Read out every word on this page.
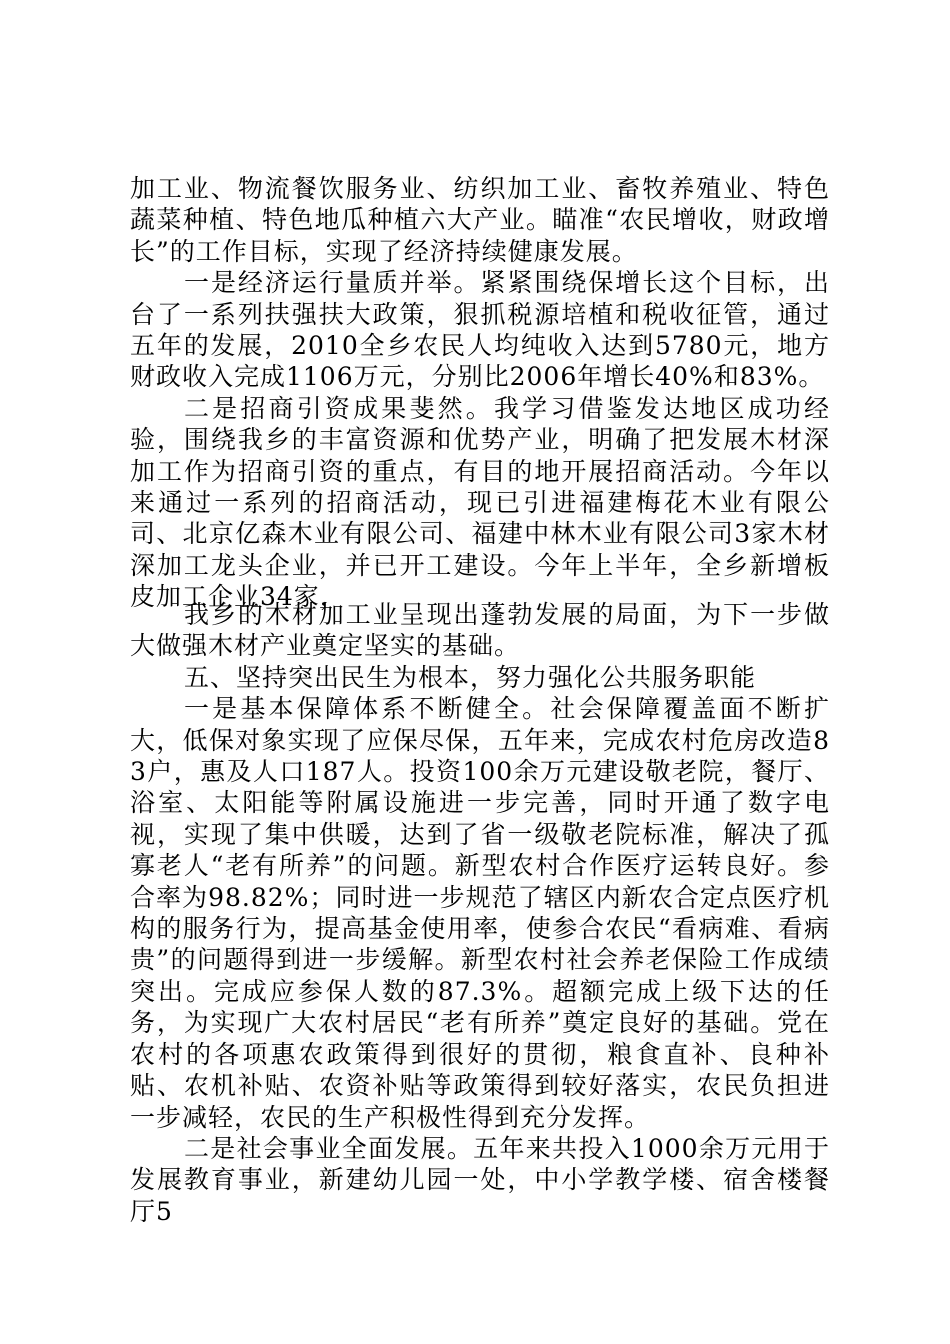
加工业、物流餐饮服务业、纺织加工业、畜牧养殖业、特色蔬菜种植、特色地瓜种植六大产业。瞄准“农民增收，财政增长”的工作目标，实现了经济持续健康发展。

一是经济运行量质并举。紧紧围绕保增长这个目标，出台了一系列扶强扶大政策，狠抓税源培植和税收征管，通过五年的发展，2010全乡农民人均纯收入达到5780元，地方财政收入完成1106万元，分别比2006年增长40%和83%。

二是招商引资成果斐然。我学习借鉴发达地区成功经验，围绕我乡的丰富资源和优势产业，明确了把发展木材深加工作为招商引资的重点，有目的地开展招商活动。今年以来通过一系列的招商活动，现已引进福建梅花木业有限公司、北京亿森木业有限公司、福建中林木业有限公司3家木材深加工龙头企业，并已开工建设。今年上半年，全乡新增板皮加工企业34家，

我乡的木材加工业呈现出蓬勃发展的局面，为下一步做大做强木材产业奠定坚实的基础。

五、坚持突出民生为根本，努力强化公共服务职能

一是基本保障体系不断健全。社会保障覆盖面不断扩大，低保对象实现了应保尽保，五年来，完成农村危房改造83户，惠及人口187人。投资100余万元建设敬老院，餐厅、浴室、太阳能等附属设施进一步完善，同时开通了数字电视，实现了集中供暖，达到了省一级敬老院标准，解决了孤寡老人“老有所养”的问题。新型农村合作医疗运转良好。参合率为98.82%；同时进一步规范了辖区内新农合定点医疗机构的服务行为，提高基金使用率，使参合农民“看病难、看病贵”的问题得到进一步缓解。新型农村社会养老保险工作成绩突出。完成应参保人数的87.3%。超额完成上级下达的任务，为实现广大农村居民“老有所养”奠定良好的基础。党在农村的各项惠农政策得到很好的贯彻，粮食直补、良种补贴、农机补贴、农资补贴等政策得到较好落实，农民负担进一步减轻，农民的生产积极性得到充分发挥。

二是社会事业全面发展。五年来共投入1000余万元用于发展教育事业，新建幼儿园一处，中小学教学楼、宿舍楼餐厅5
